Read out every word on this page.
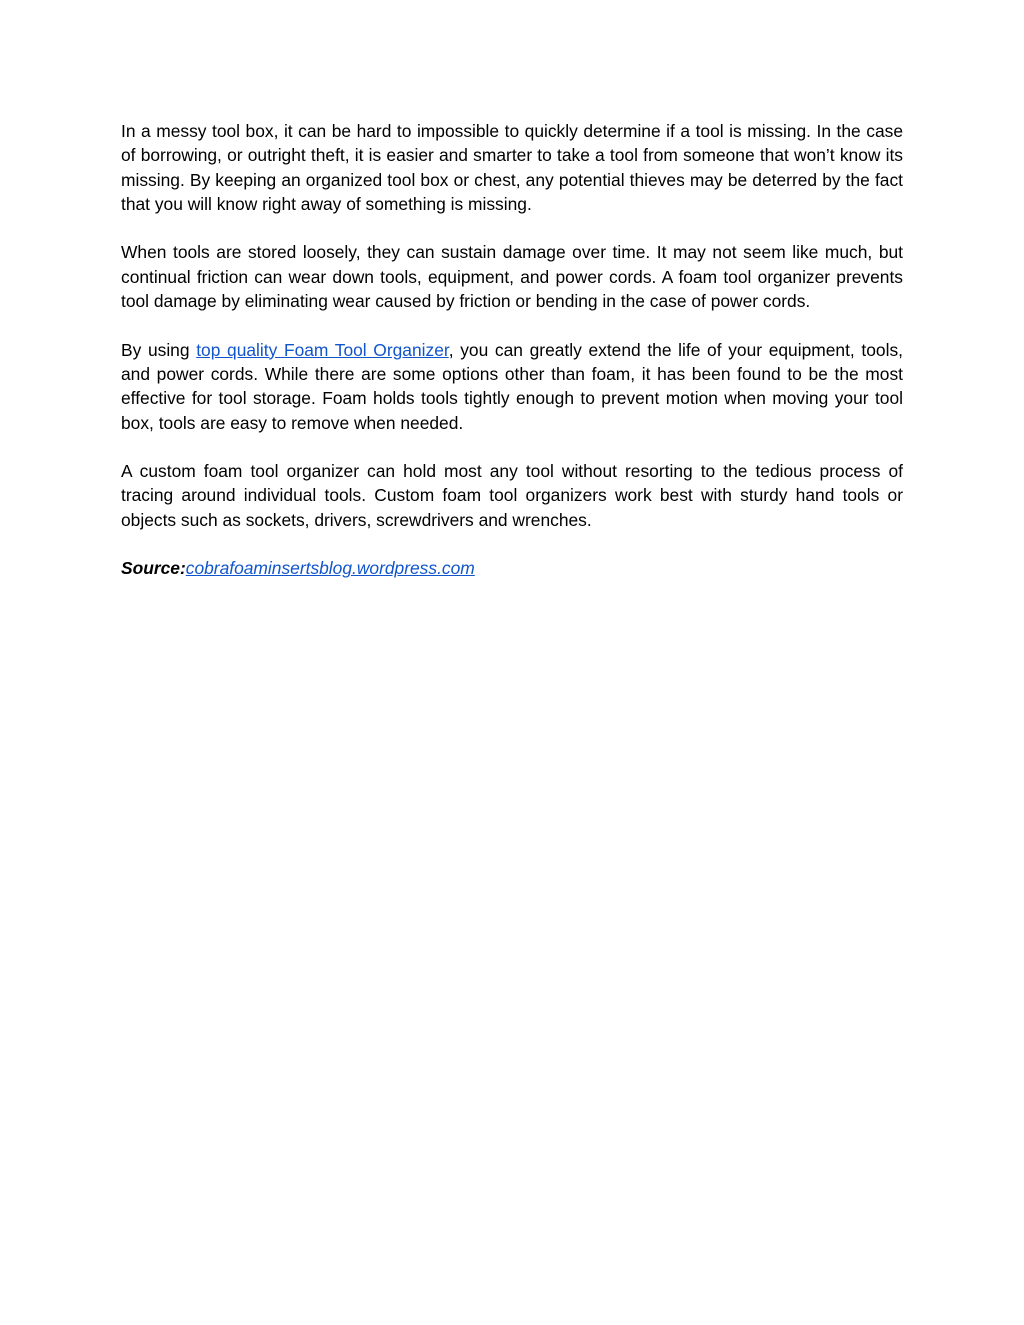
In a messy tool box, it can be hard to impossible to quickly determine if a tool is missing. In the case of borrowing, or outright theft, it is easier and smarter to take a tool from someone that won’t know its missing. By keeping an organized tool box or chest, any potential thieves may be deterred by the fact that you will know right away of something is missing.

When tools are stored loosely, they can sustain damage over time. It may not seem like much, but continual friction can wear down tools, equipment, and power cords. A foam tool organizer prevents tool damage by eliminating wear caused by friction or bending in the case of power cords.

By using top quality Foam Tool Organizer, you can greatly extend the life of your equipment, tools, and power cords. While there are some options other than foam, it has been found to be the most effective for tool storage. Foam holds tools tightly enough to prevent motion when moving your tool box, tools are easy to remove when needed.

A custom foam tool organizer can hold most any tool without resorting to the tedious process of tracing around individual tools. Custom foam tool organizers work best with sturdy hand tools or objects such as sockets, drivers, screwdrivers and wrenches.

Source:cobrafoaminsertsblog.wordpress.com
